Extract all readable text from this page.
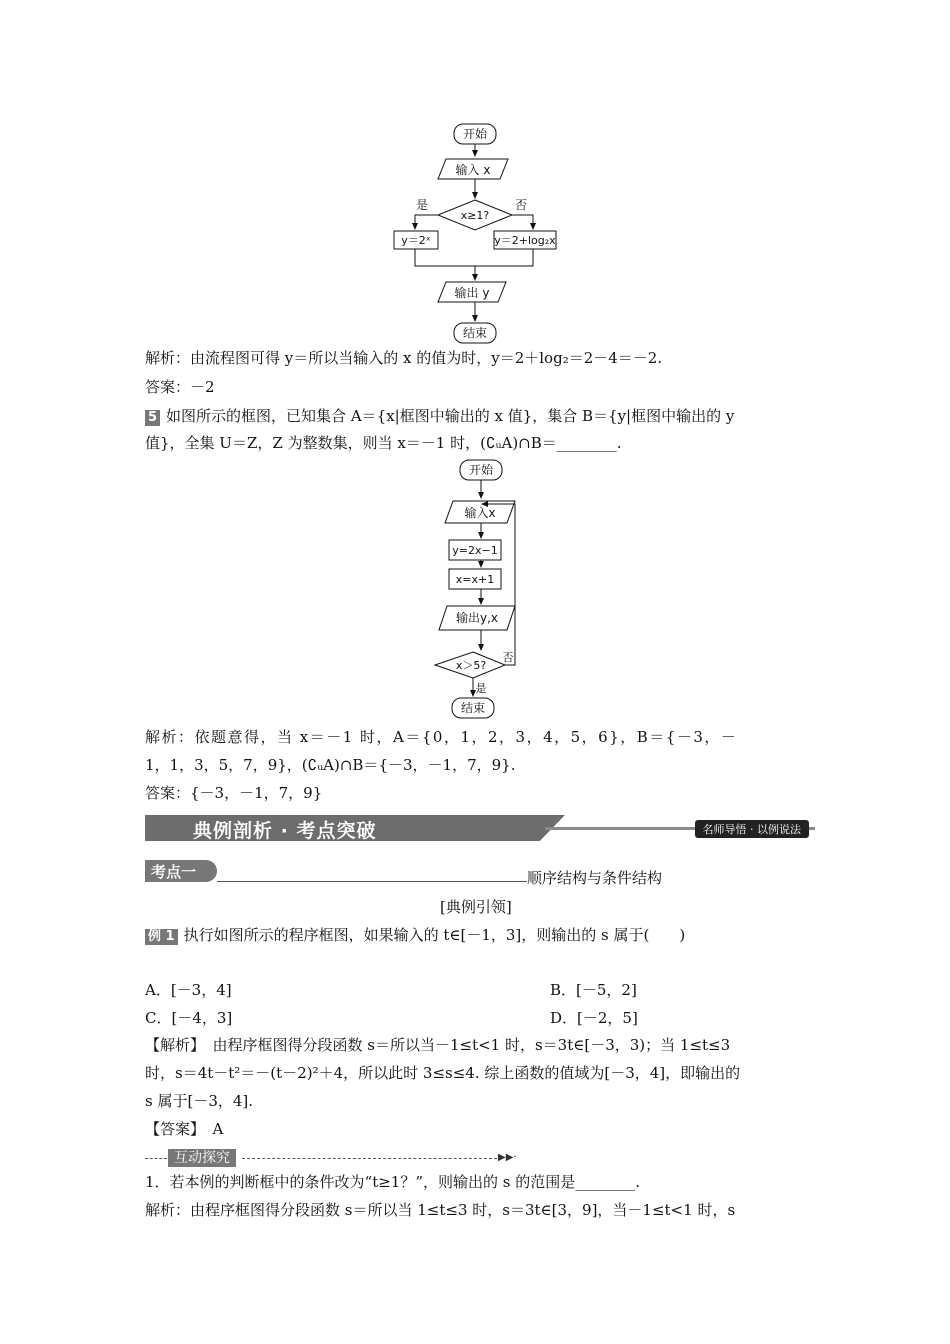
开始
输入 x
x≥1?
是	否
y＝2ˣ	y＝2+log₂x
输出 y
结束
解析：由流程图可得 y＝所以当输入的 x 的值为时，y＝2＋log₂＝2－4＝－2.
答案：－2
5 如图所示的框图，已知集合 A＝{x|框图中输出的 x 值}，集合 B＝{y|框图中输出的 y
值}，全集 U＝Z，Z 为整数集，则当 x＝－1 时，(∁ᵤA)∩B＝________.
开始
输入x
y=2x−1
x=x+1
输出y,x
x＞5?
否
是
结束
解析：依题意得，当 x＝－1 时，A＝{0，1，2，3，4，5，6}，B＝{－3，－
1，1，3，5，7，9}，(∁ᵤA)∩B＝{－3，－1，7，9}.
答案：{－3，－1，7，9}
典例剖析 · 考点突破	名师导悟 · 以例说法
考点一	顺序结构与条件结构
[典例引领]
例 1 执行如图所示的程序框图，如果输入的 t∈[－1，3]，则输出的 s 属于(　　)
A．[－3，4]	B．[－5，2]
C．[－4，3]	D．[－2，5]
【解析】　由程序框图得分段函数 s＝所以当－1≤t<1 时，s＝3t∈[－3，3)；当 1≤t≤3
时，s＝4t－t²＝－(t－2)²＋4，所以此时 3≤s≤4. 综上函数的值域为[－3，4]，即输出的
s 属于[－3，4].
【答案】　A
互动探究	▶▶·
1．若本例的判断框中的条件改为“t≥1？”，则输出的 s 的范围是________.
解析：由程序框图得分段函数 s＝所以当 1≤t≤3 时，s＝3t∈[3，9]，当－1≤t<1 时，s
